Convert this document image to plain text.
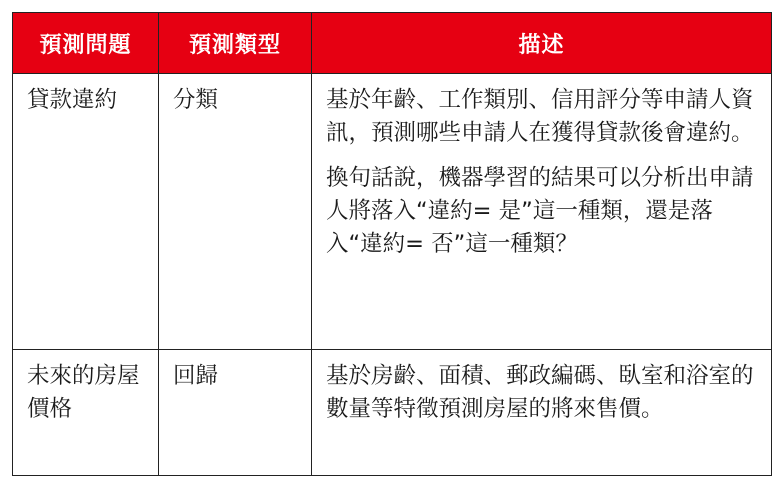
預測問題	預測類型	描述
貸款違約	分類	基於年齡、工作類別、信用評分等申請人資訊，預測哪些申請人在獲得貸款後會違約。

換句話說，機器學習的結果可以分析出申請人將落入“違約= 是”這一種類，還是落入“違約= 否”這一種類？

未來的房屋價格	回歸	基於房齡、面積、郵政編碼、臥室和浴室的數量等特徵預測房屋的將來售價。
